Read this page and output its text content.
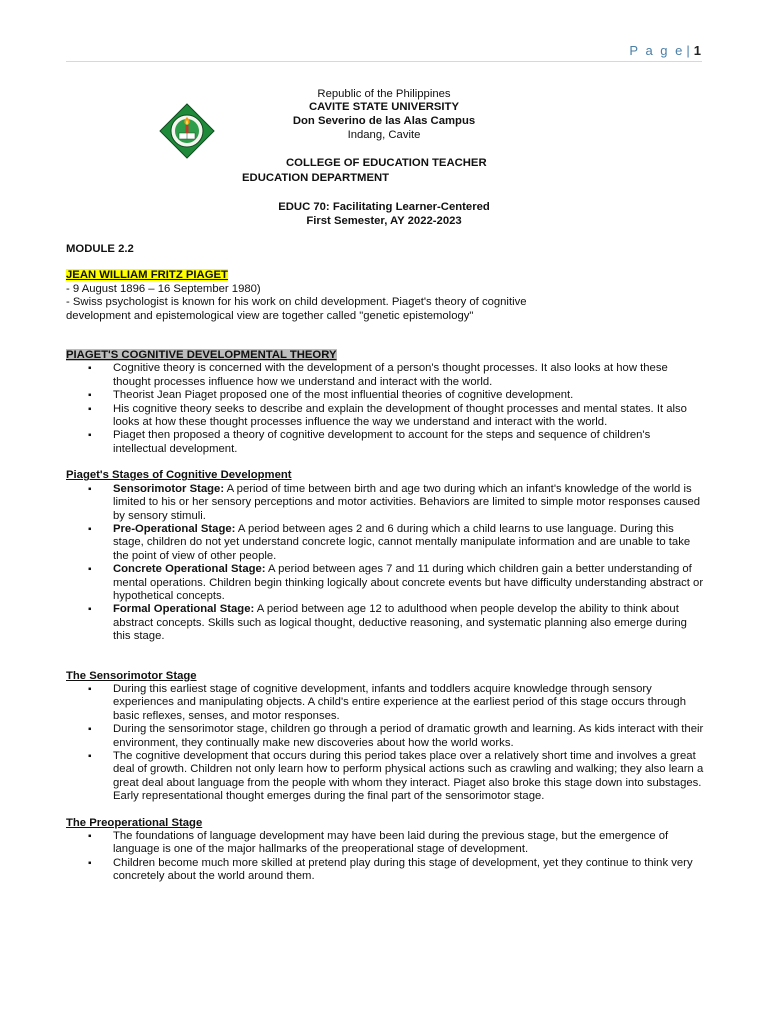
P a g e | 1
Republic of the Philippines
CAVITE STATE UNIVERSITY
Don Severino de las Alas Campus
Indang, Cavite
COLLEGE OF EDUCATION TEACHER
EDUCATION DEPARTMENT
EDUC 70: Facilitating Learner-Centered
First Semester, AY 2022-2023
MODULE 2.2
JEAN WILLIAM FRITZ PIAGET
- 9 August 1896 – 16 September 1980)
- Swiss psychologist is known for his work on child development. Piaget's theory of cognitive
development and epistemological view are together called "genetic epistemology"
PIAGET'S COGNITIVE DEVELOPMENTAL THEORY
▪ Cognitive theory is concerned with the development of a person's thought processes. It also looks at how these thought processes influence how we understand and interact with the world.
▪ Theorist Jean Piaget proposed one of the most influential theories of cognitive development.
▪ His cognitive theory seeks to describe and explain the development of thought processes and mental states. It also looks at how these thought processes influence the way we understand and interact with the world.
▪ Piaget then proposed a theory of cognitive development to account for the steps and sequence of children's intellectual development.
Piaget's Stages of Cognitive Development
▪ Sensorimotor Stage: A period of time between birth and age two during which an infant's knowledge of the world is limited to his or her sensory perceptions and motor activities. Behaviors are limited to simple motor responses caused by sensory stimuli.
▪ Pre-Operational Stage: A period between ages 2 and 6 during which a child learns to use language. During this stage, children do not yet understand concrete logic, cannot mentally manipulate information and are unable to take the point of view of other people.
▪ Concrete Operational Stage: A period between ages 7 and 11 during which children gain a better understanding of mental operations. Children begin thinking logically about concrete events but have difficulty understanding abstract or hypothetical concepts.
▪ Formal Operational Stage: A period between age 12 to adulthood when people develop the ability to think about abstract concepts. Skills such as logical thought, deductive reasoning, and systematic planning also emerge during this stage.
The Sensorimotor Stage
▪ During this earliest stage of cognitive development, infants and toddlers acquire knowledge through sensory experiences and manipulating objects. A child's entire experience at the earliest period of this stage occurs through basic reflexes, senses, and motor responses.
▪ During the sensorimotor stage, children go through a period of dramatic growth and learning. As kids interact with their environment, they continually make new discoveries about how the world works.
▪ The cognitive development that occurs during this period takes place over a relatively short time and involves a great deal of growth. Children not only learn how to perform physical actions such as crawling and walking; they also learn a great deal about language from the people with whom they interact. Piaget also broke this stage down into substages. Early representational thought emerges during the final part of the sensorimotor stage.
The Preoperational Stage
▪ The foundations of language development may have been laid during the previous stage, but the emergence of language is one of the major hallmarks of the preoperational stage of development.
▪ Children become much more skilled at pretend play during this stage of development, yet they continue to think very concretely about the world around them.
